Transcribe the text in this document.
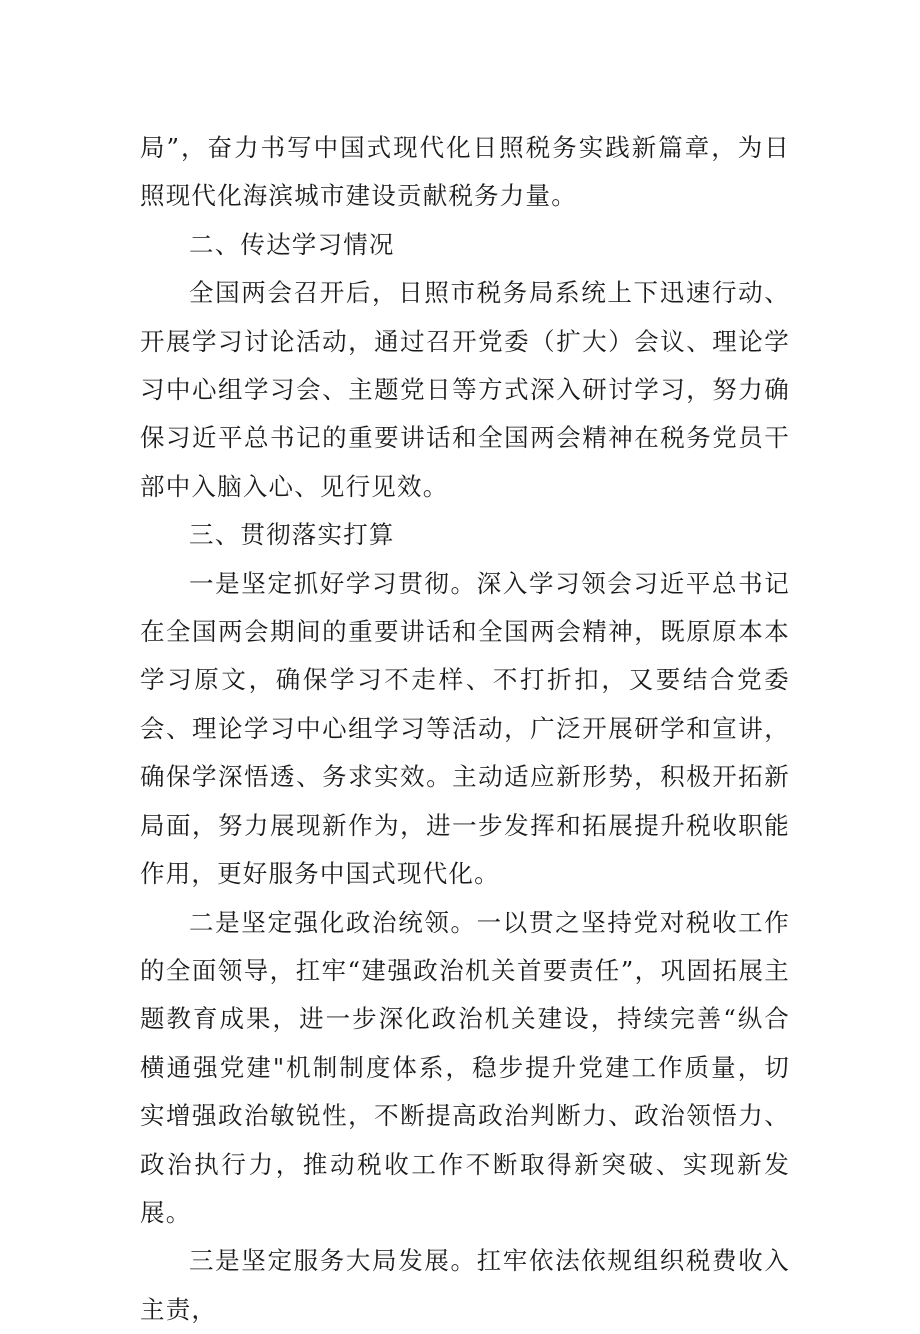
局”，奋力书写中国式现代化日照税务实践新篇章，为日照现代化海滨城市建设贡献税务力量。

二、传达学习情况

全国两会召开后，日照市税务局系统上下迅速行动、开展学习讨论活动，通过召开党委（扩大）会议、理论学习中心组学习会、主题党日等方式深入研讨学习，努力确保习近平总书记的重要讲话和全国两会精神在税务党员干部中入脑入心、见行见效。

三、贯彻落实打算

一是坚定抓好学习贯彻。深入学习领会习近平总书记在全国两会期间的重要讲话和全国两会精神，既原原本本学习原文，确保学习不走样、不打折扣，又要结合党委会、理论学习中心组学习等活动，广泛开展研学和宣讲，确保学深悟透、务求实效。主动适应新形势，积极开拓新局面，努力展现新作为，进一步发挥和拓展提升税收职能作用，更好服务中国式现代化。

二是坚定强化政治统领。一以贯之坚持党对税收工作的全面领导，扛牢“建强政治机关首要责任”，巩固拓展主题教育成果，进一步深化政治机关建设，持续完善“纵合横通强党建"机制制度体系，稳步提升党建工作质量，切实增强政治敏锐性，不断提高政治判断力、政治领悟力、政治执行力，推动税收工作不断取得新突破、实现新发展。

三是坚定服务大局发展。扛牢依法依规组织税费收入主责，
